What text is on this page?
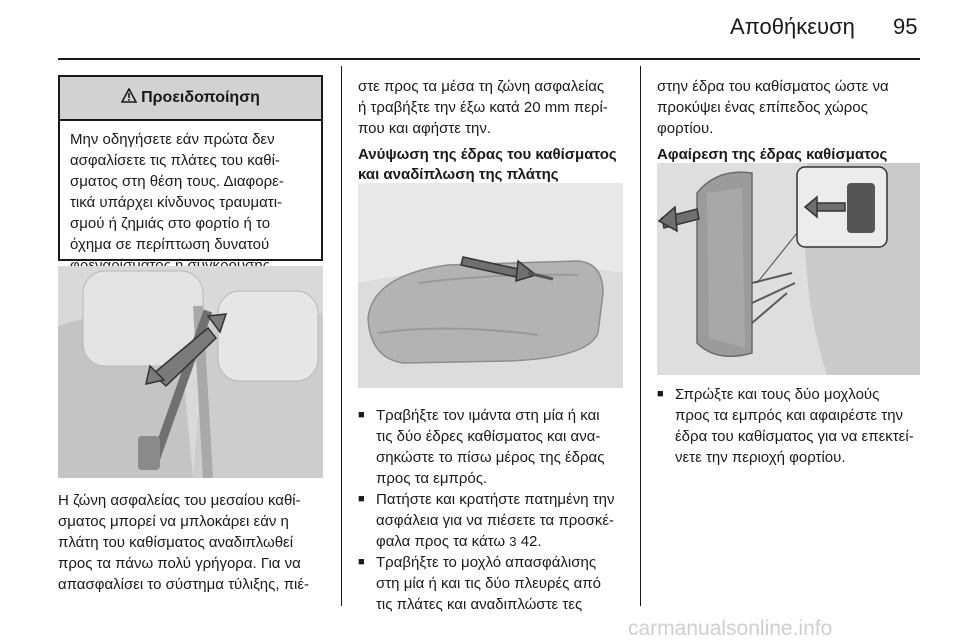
Αποθήκευση 95
Προειδοποίηση
Μην οδηγήσετε εάν πρώτα δεν
ασφαλίσετε τις πλάτες του καθί-
σματος στη θέση τους. Διαφορε-
τικά υπάρχει κίνδυνος τραυματι-
σμού ή ζημιάς στο φορτίο ή το
όχημα σε περίπτωση δυνατού
Η ζώνη ασφαλείας του μεσαίου καθί-
σματος μπορεί να μπλοκάρει εάν η
πλάτη του καθίσματος αναδιπλωθεί
προς τα πάνω πολύ γρήγορα. Για να
απασφαλίσει το σύστημα τύλιξης, πιέ-
στε προς τα μέσα τη ζώνη ασφαλείας
ή τραβήξτε την έξω κατά 20 mm περί-
που και αφήστε την.
Ανύψωση της έδρας του καθίσματος
και αναδίπλωση της πλάτης
■ Τραβήξτε τον ιμάντα στη μία ή και
τις δύο έδρες καθίσματος και ανα-
σηκώστε το πίσω μέρος της έδρας
προς τα εμπρός.
■ Πατήστε και κρατήστε πατημένη την
ασφάλεια για να πιέσετε τα προσκέ-
φαλα προς τα κάτω 3 42.
■ Τραβήξτε το μοχλό απασφάλισης
στη μία ή και τις δύο πλευρές από
τις πλάτες και αναδιπλώστε τες
στην έδρα του καθίσματος ώστε να
προκύψει ένας επίπεδος χώρος
φορτίου.
Αφαίρεση της έδρας καθίσματος
■ Σπρώξτε και τους δύο μοχλούς
προς τα εμπρός και αφαιρέστε την
έδρα του καθίσματος για να επεκτεί-
νετε την περιοχή φορτίου.
carmanualsonline.info
